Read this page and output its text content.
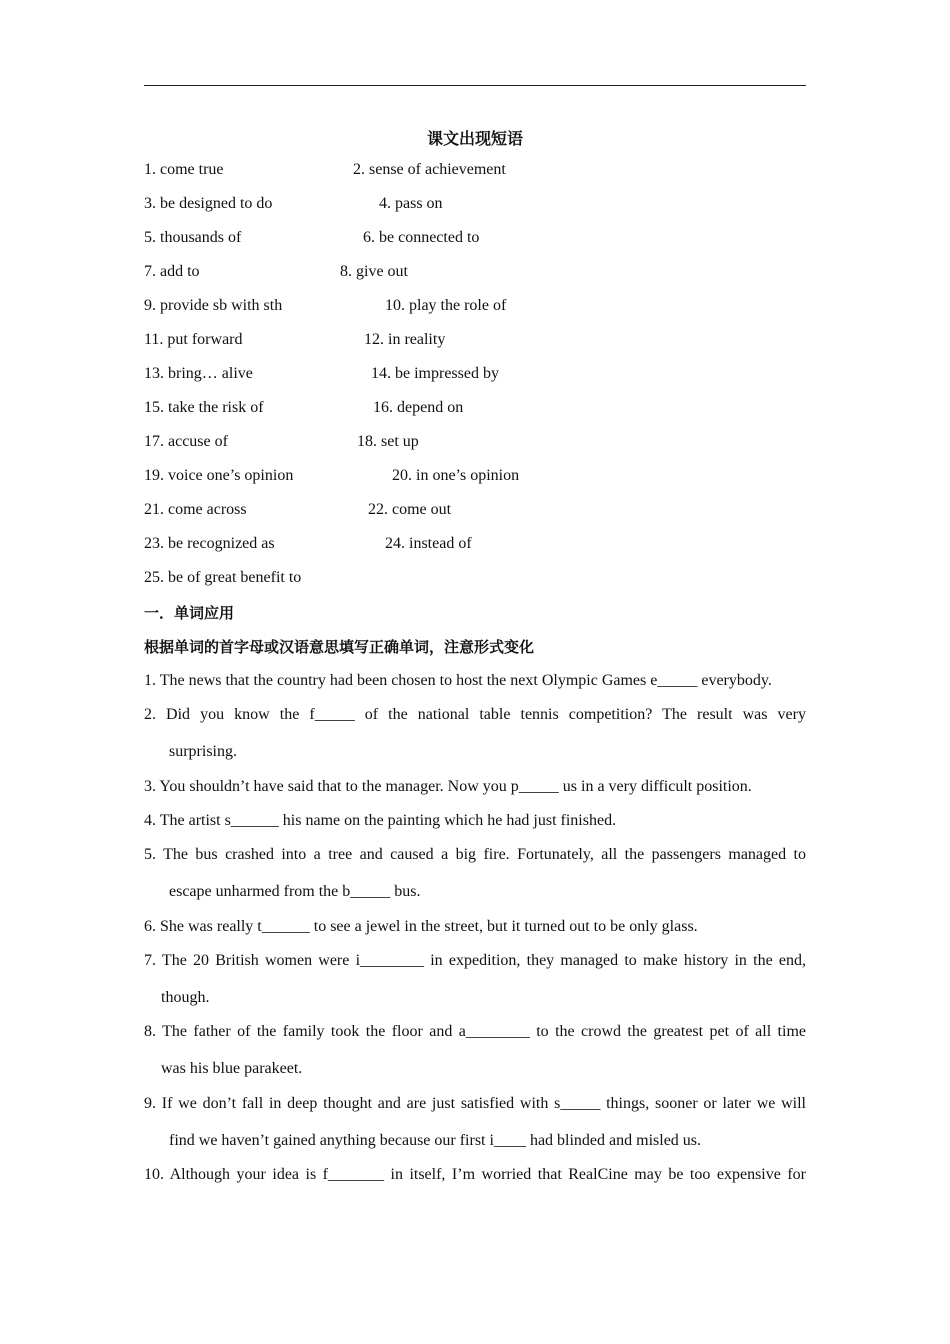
课文出现短语
1. come true	2. sense of achievement
3. be designed to do	4. pass on
5. thousands of	6. be connected to
7. add to	8. give out
9. provide sb with sth	10. play the role of
11. put forward	12. in reality
13. bring… alive	14. be impressed by
15. take the risk of	16. depend on
17. accuse of	18. set up
19. voice one’s opinion	20. in one’s opinion
21. come across	22. come out
23. be recognized as	24. instead of
25. be of great benefit to
一．单词应用
根据单词的首字母或汉语意思填写正确单词，注意形式变化
1. The news that the country had been chosen to host the next Olympic Games e_____ everybody.
2. Did you know the f_____ of the national table tennis competition? The result was very
surprising.
3. You shouldn’t have said that to the manager. Now you p_____ us in a very difficult position.
4. The artist s______ his name on the painting which he had just finished.
5. The bus crashed into a tree and caused a big fire. Fortunately, all the passengers managed to
escape unharmed from the b_____ bus.
6. She was really t______ to see a jewel in the street, but it turned out to be only glass.
7. The 20 British women were i________ in expedition, they managed to make history in the end,
though.
8. The father of the family took the floor and a________ to the crowd the greatest pet of all time
was his blue parakeet.
9. If we don’t fall in deep thought and are just satisfied with s_____ things, sooner or later we will
find we haven’t gained anything because our first i____ had blinded and misled us.
10. Although your idea is f_______ in itself, I’m worried that RealCine may be too expensive for
